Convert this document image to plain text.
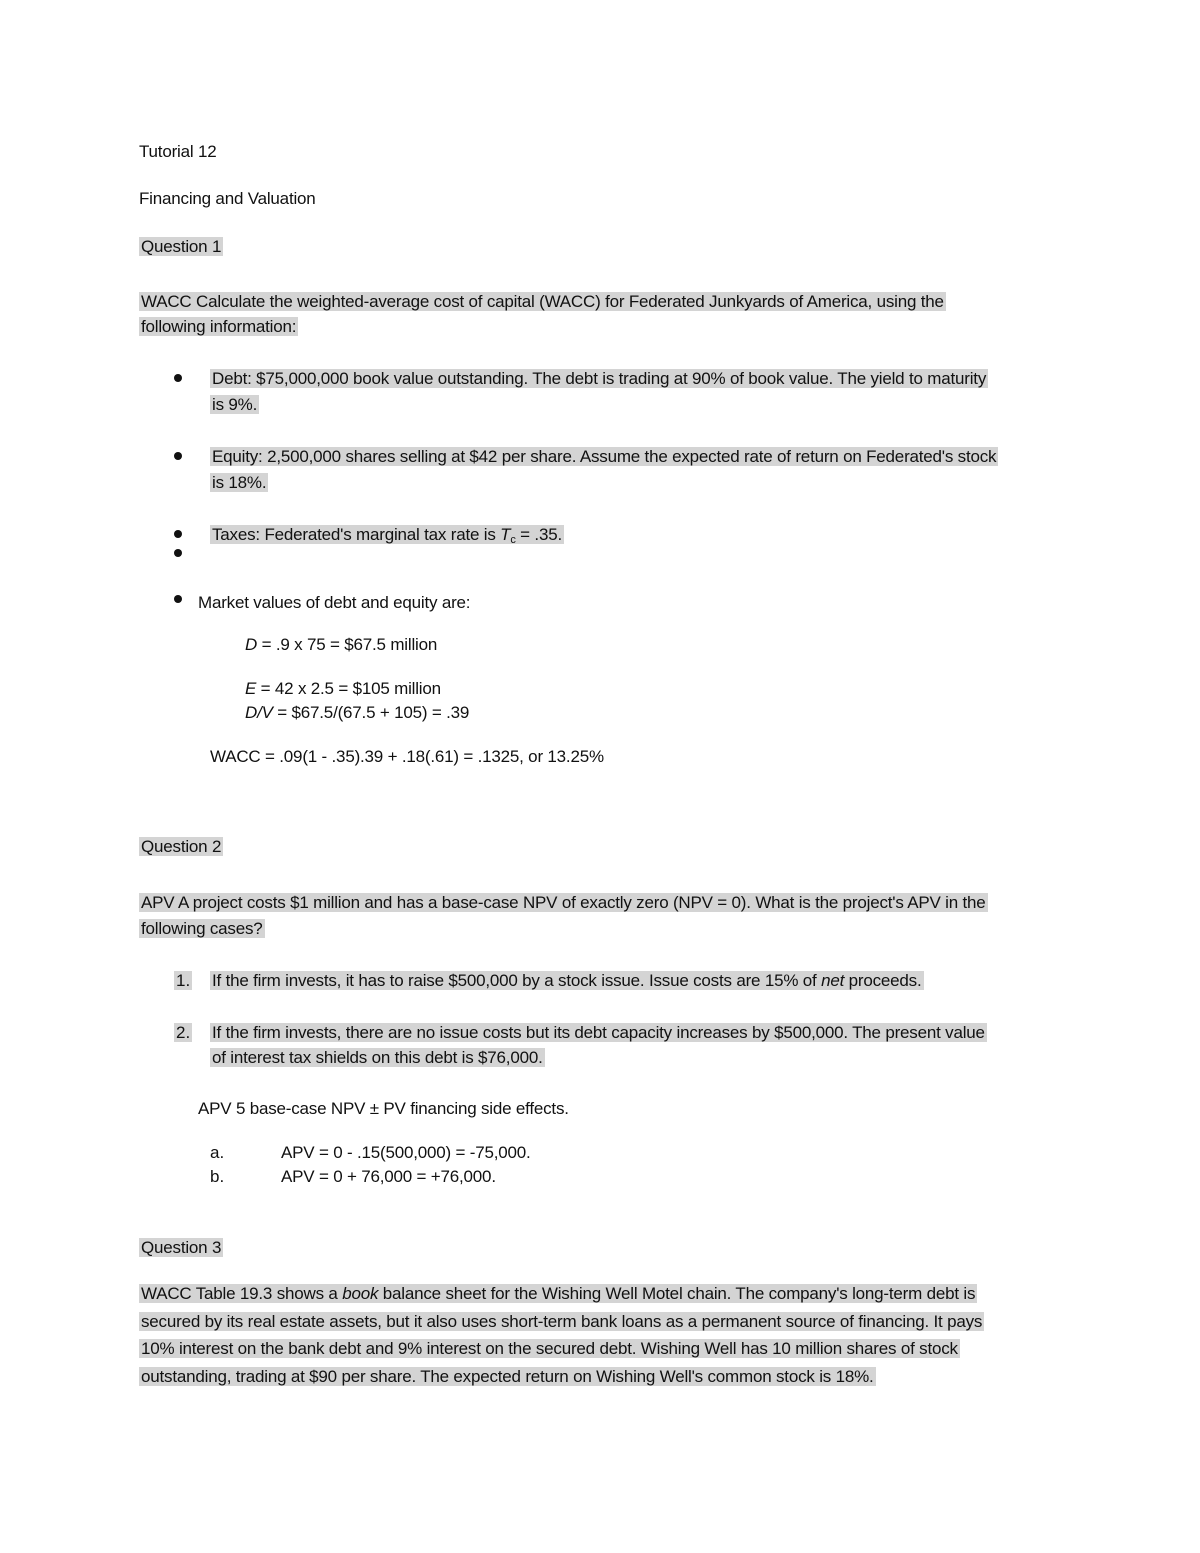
Tutorial 12
Financing and Valuation
Question 1
WACC Calculate the weighted-average cost of capital (WACC) for Federated Junkyards of America, using the
following information:
Debt: $75,000,000 book value outstanding. The debt is trading at 90% of book value. The yield to maturity
is 9%.
Equity: 2,500,000 shares selling at $42 per share. Assume the expected rate of return on Federated's stock
is 18%.
Taxes: Federated's marginal tax rate is $T_c = .35$.
Market values of debt and equity are:
D = .9 x 75 = $67.5 million
E = 42 x 2.5 = $105 million
D/V = $67.5/(67.5 + 105) = .39
WACC = .09(1 - .35).39 + .18(.61) = .1325, or 13.25%
Question 2
APV A project costs $1 million and has a base-case NPV of exactly zero (NPV = 0). What is the project's APV in the
following cases?
1. If the firm invests, it has to raise $500,000 by a stock issue. Issue costs are 15% of net proceeds.
2. If the firm invests, there are no issue costs but its debt capacity increases by $500,000. The present value
of interest tax shields on this debt is $76,000.
APV 5 base-case NPV ± PV financing side effects.
a.	APV = 0 - .15(500,000) = -75,000.
b.	APV = 0 + 76,000 = +76,000.
Question 3
WACC Table 19.3 shows a book balance sheet for the Wishing Well Motel chain. The company's long-term debt is
secured by its real estate assets, but it also uses short-term bank loans as a permanent source of financing. It pays
10% interest on the bank debt and 9% interest on the secured debt. Wishing Well has 10 million shares of stock
outstanding, trading at $90 per share. The expected return on Wishing Well's common stock is 18%.
